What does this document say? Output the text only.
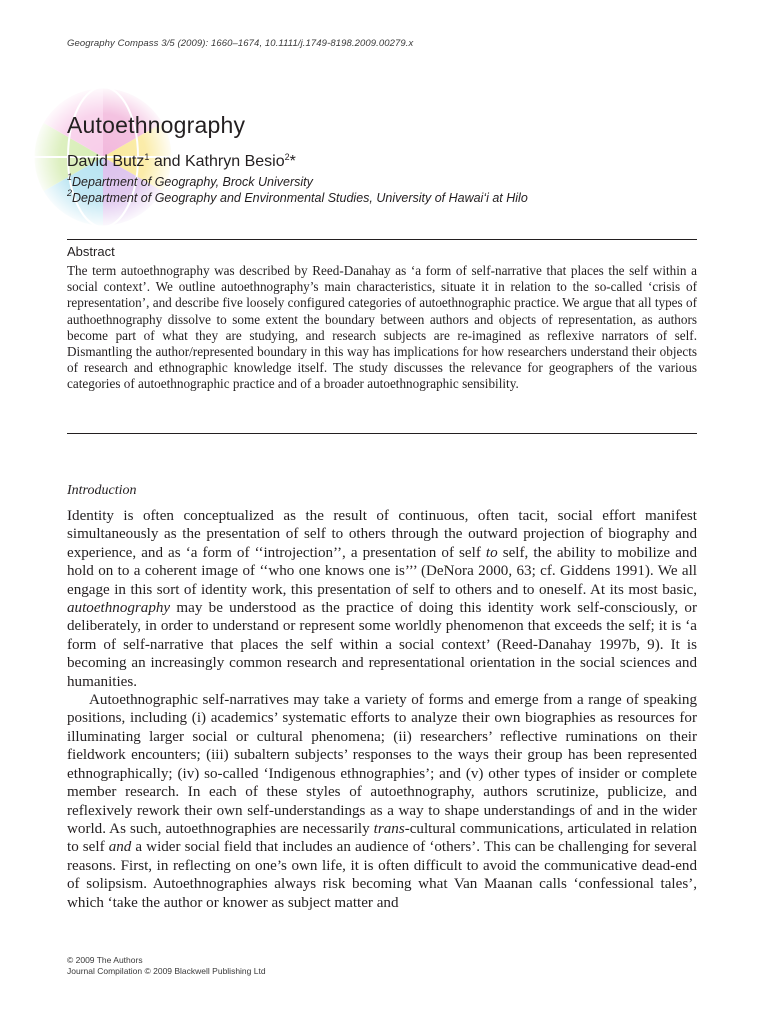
Geography Compass 3/5 (2009): 1660–1674, 10.1111/j.1749-8198.2009.00279.x
Autoethnography
David Butz$^1$ and Kathryn Besio$^2$*
$^1$Department of Geography, Brock University
$^2$Department of Geography and Environmental Studies, University of Hawai‘i at Hilo
Abstract

The term autoethnography was described by Reed-Danahay as ‘a form of self-narrative that places the self within a social context’. We outline autoethnography’s main characteristics, situate it in relation to the so-called ‘crisis of representation’, and describe five loosely configured categories of autoethnographic practice. We argue that all types of authoethnography dissolve to some extent the boundary between authors and objects of representation, as authors become part of what they are studying, and research subjects are re-imagined as reflexive narrators of self. Dismantling the author/represented boundary in this way has implications for how researchers understand their objects of research and ethnographic knowledge itself. The study discusses the relevance for geographers of the various categories of autoethnographic practice and of a broader autoethnographic sensibility.

Introduction

Identity is often conceptualized as the result of continuous, often tacit, social effort manifest simultaneously as the presentation of self to others through the outward projection of biography and experience, and as ‘a form of ‘‘introjection’’, a presentation of self to self, the ability to mobilize and hold on to a coherent image of ‘‘who one knows one is’’’ (DeNora 2000, 63; cf. Giddens 1991). We all engage in this sort of identity work, this presentation of self to others and to oneself. At its most basic, autoethnography may be understood as the practice of doing this identity work self-consciously, or deliberately, in order to understand or represent some worldly phenomenon that exceeds the self; it is ‘a form of self-narrative that places the self within a social context’ (Reed-Danahay 1997b, 9). It is becoming an increasingly common research and representational orientation in the social sciences and humanities.

Autoethnographic self-narratives may take a variety of forms and emerge from a range of speaking positions, including (i) academics’ systematic efforts to analyze their own biographies as resources for illuminating larger social or cultural phenomena; (ii) researchers’ reflective ruminations on their fieldwork encounters; (iii) subaltern subjects’ responses to the ways their group has been represented ethnographically; (iv) so-called ‘Indigenous ethnographies’; and (v) other types of insider or complete member research. In each of these styles of autoethnography, authors scrutinize, publicize, and reflexively rework their own self-understandings as a way to shape understandings of and in the wider world. As such, autoethnographies are necessarily trans-cultural communications, articulated in relation to self and a wider social field that includes an audience of ‘others’. This can be challenging for several reasons. First, in reflecting on one’s own life, it is often difficult to avoid the communicative dead-end of solipsism. Autoethnographies always risk becoming what Van Maanan calls ‘confessional tales’, which ‘take the author or knower as subject matter and

© 2009 The Authors
Journal Compilation © 2009 Blackwell Publishing Ltd
